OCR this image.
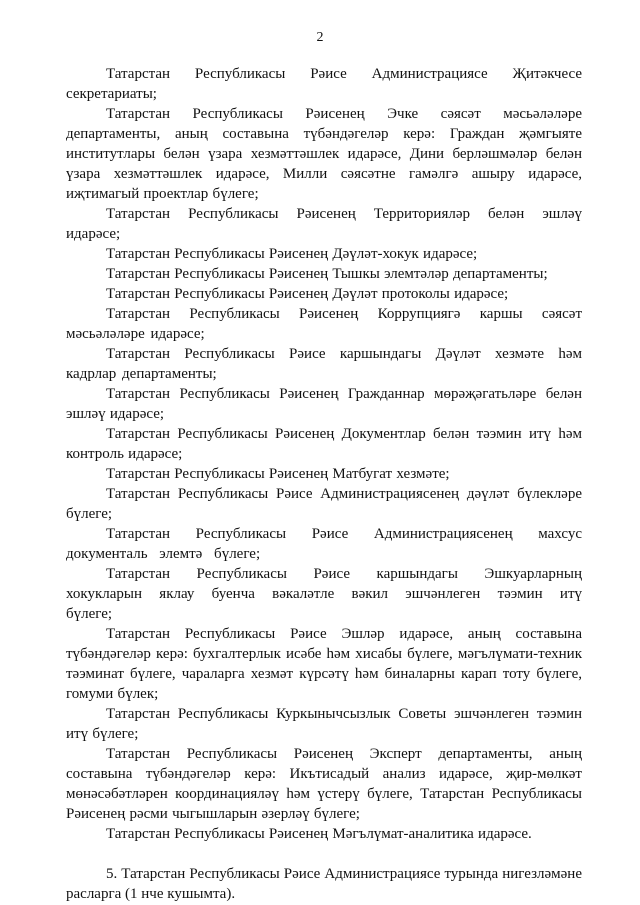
2

Татарстан Республикасы Рәисе Администрациясе Җитәкчесе секретариаты;

Татарстан Республикасы Рәисенең Эчке сәясәт мәсьәләләре департаменты, аның составына түбәндәгеләр керә: Граждан җәмгыяте институтлары белән үзара хезмәттәшлек идарәсе, Дини берләшмәләр белән үзара хезмәттәшлек идарәсе, Милли сәясәтне гамәлгә ашыру идарәсе, иҗтимагый проектлар бүлеге;

Татарстан Республикасы Рәисенең Территорияләр белән эшләү идарәсе;

Татарстан Республикасы Рәисенең Дәүләт-хокук идарәсе;

Татарстан Республикасы Рәисенең Тышкы элемтәләр департаменты;

Татарстан Республикасы Рәисенең Дәүләт протоколы идарәсе;

Татарстан Республикасы Рәисенең Коррупциягә каршы сәясәт мәсьәләләре идарәсе;

Татарстан Республикасы Рәисе каршындагы Дәүләт хезмәте һәм кадрлар департаменты;

Татарстан Республикасы Рәисенең Гражданнар мөрәҗәгатьләре белән эшләү идарәсе;

Татарстан Республикасы Рәисенең Документлар белән тәэмин итү һәм контроль идарәсе;

Татарстан Республикасы Рәисенең Матбугат хезмәте;

Татарстан Республикасы Рәисе Администрациясенең дәүләт бүлекләре бүлеге;

Татарстан Республикасы Рәисе Администрациясенең махсус документаль элемтә бүлеге;

Татарстан Республикасы Рәисе каршындагы Эшкуарларның хокукларын яклау буенча вәкаләтле вәкил эшчәнлеген тәэмин итү бүлеге;

Татарстан Республикасы Рәисе Эшләр идарәсе, аның составына түбәндәгеләр керә: бухгалтерлык исәбе һәм хисабы бүлеге, мәгълүмати-техник тәэминат бүлеге, чараларга хезмәт күрсәтү һәм биналарны карап тоту бүлеге, гомуми бүлек;

Татарстан Республикасы Куркынычсызлык Советы эшчәнлеген тәэмин итү бүлеге;

Татарстан Республикасы Рәисенең Эксперт департаменты, аның составына түбәндәгеләр керә: Икътисадый анализ идарәсе, җир-мөлкәт мөнәсәбәтләрен координацияләү һәм үстерү бүлеге, Татарстан Республикасы Рәисенең рәсми чыгышларын әзерләү бүлеге;

Татарстан Республикасы Рәисенең Мәгълүмат-аналитика идарәсе.

5. Татарстан Республикасы Рәисе Администрациясе турында нигезләмәне расларга (1 нче кушымта).
